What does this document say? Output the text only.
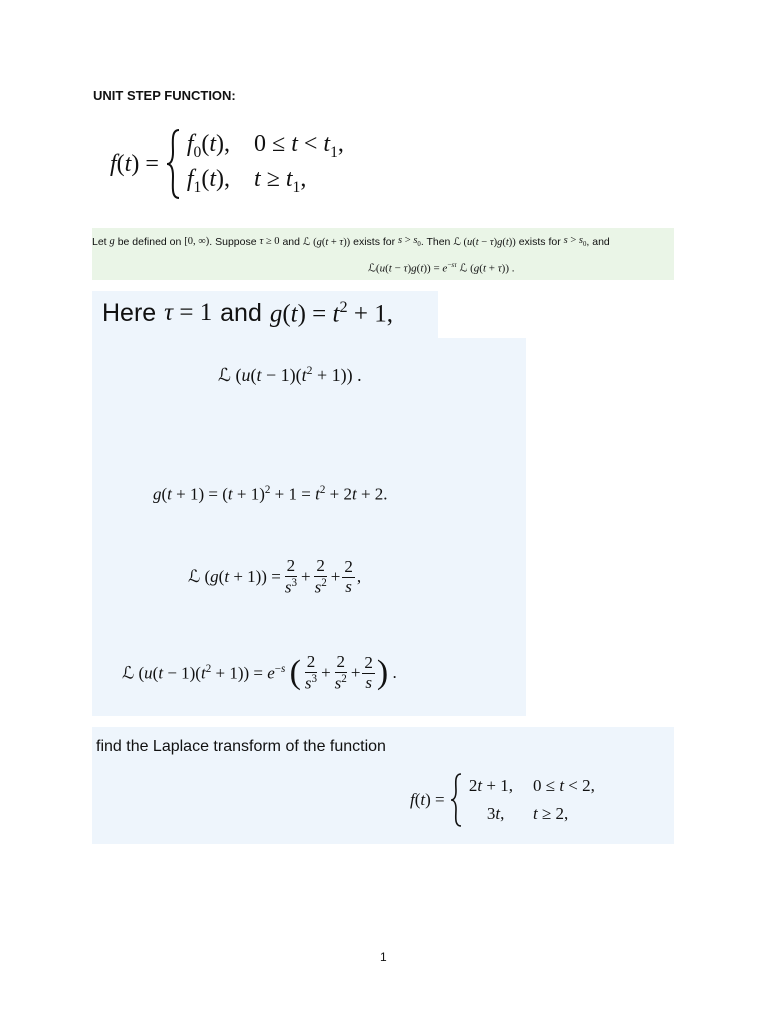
UNIT STEP FUNCTION:
f(t) =
$f_0(t)$, $0 \le t < t_1$,
$f_1(t)$, $t \ge t_1$,
Let
g
be defined on
[0, ∞) . Suppose
τ ≥ 0
and
ℒ (g(t + τ))
exists for
$s > s_0$ . Then
ℒ (u(t − τ)g(t))
exists for
$s > s_0$ , and
ℒ(u(t − $\tau)g(t)) = e^{-s\tau}$ ℒ (g(t + τ)) .
Here
τ = 1
and
$g(t) = t^2 + 1$,
ℒ $(u(t - 1)(t^2 + 1))$ .
$g(t + 1) = (t + 1)^2 + 1 = t^2 + 2t + 2$.
ℒ $(g(t + 1)) = \frac{2}{s^3} + \frac{2}{s^2} + \frac{2}{s}$ ,
ℒ $(u(t - 1)(t^2 + 1)) = e^{-s}$ ( $\frac{2}{s^3} + \frac{2}{s^2} + \frac{2}{s}$ ) .
find the Laplace transform of the function
f(t) =
2t + 1, 0 ≤ t < 2,
3t,	t ≥ 2,
1
